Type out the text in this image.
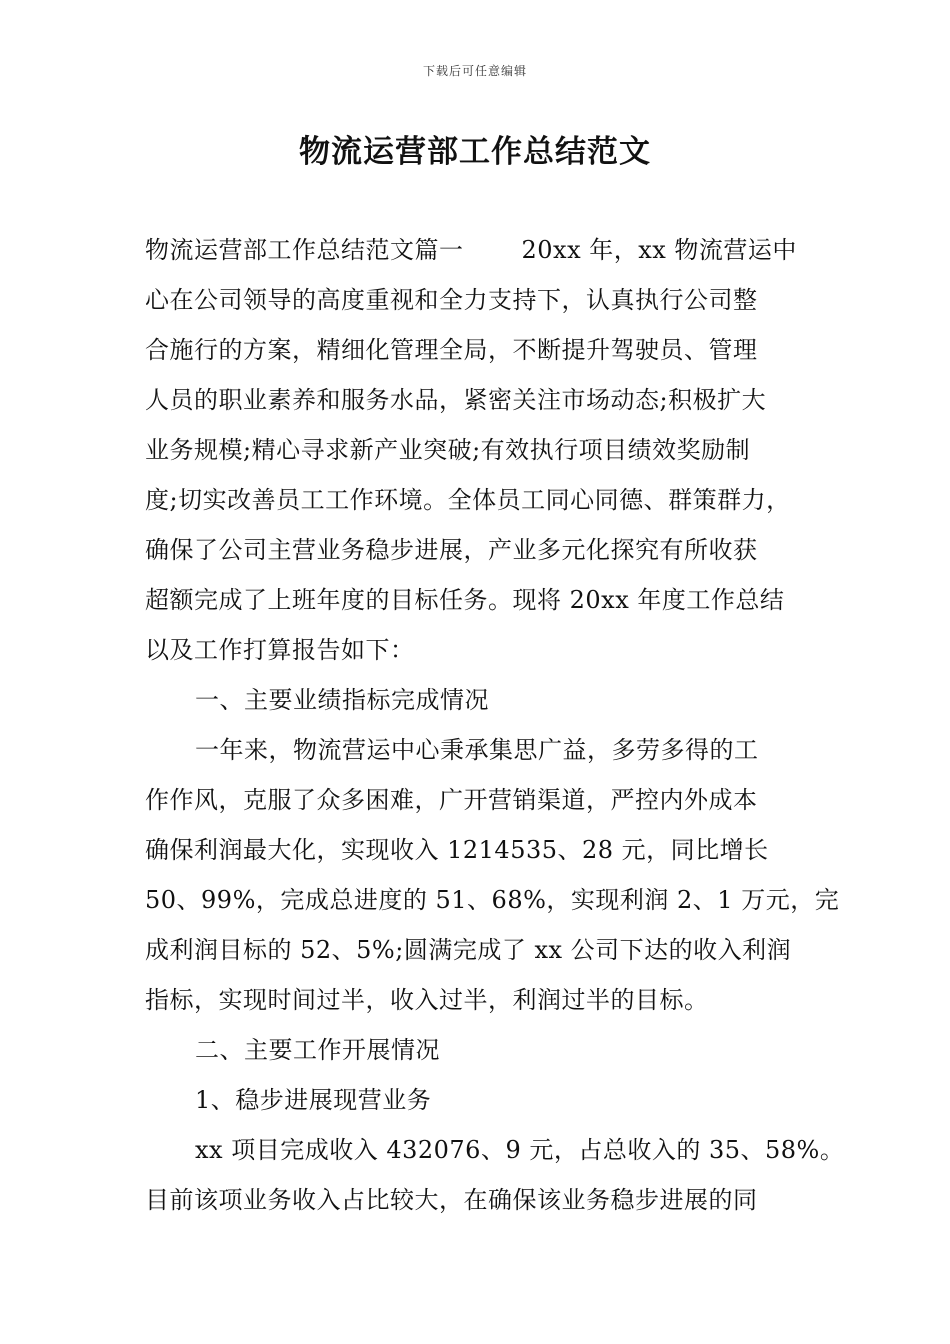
下载后可任意编辑
物流运营部工作总结范文
物流运营部工作总结范文篇一 20xx 年，xx 物流营运中
心在公司领导的高度重视和全力支持下，认真执行公司整
合施行的方案，精细化管理全局，不断提升驾驶员、管理
人员的职业素养和服务水品，紧密关注市场动态;积极扩大
业务规模;精心寻求新产业突破;有效执行项目绩效奖励制
度;切实改善员工工作环境。全体员工同心同德、群策群力，
确保了公司主营业务稳步进展，产业多元化探究有所收获
超额完成了上班年度的目标任务。现将 20xx 年度工作总结
以及工作打算报告如下：
一、主要业绩指标完成情况
一年来，物流营运中心秉承集思广益，多劳多得的工
作作风，克服了众多困难，广开营销渠道，严控内外成本
确保利润最大化，实现收入 1214535、28 元，同比增长
50、99%，完成总进度的 51、68%，实现利润 2、1 万元，完
成利润目标的 52、5%;圆满完成了 xx 公司下达的收入利润
指标，实现时间过半，收入过半，利润过半的目标。
二、主要工作开展情况
1、稳步进展现营业务
xx 项目完成收入 432076、9 元，占总收入的 35、58%。
目前该项业务收入占比较大，在确保该业务稳步进展的同
